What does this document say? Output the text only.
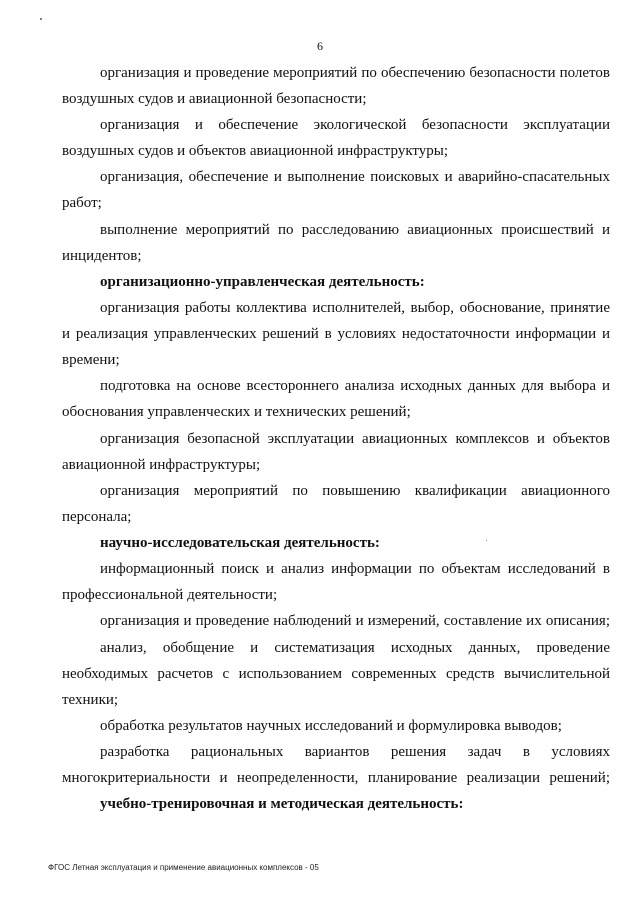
6
организация и проведение мероприятий по обеспечению безопасности полетов
воздушных судов и авиационной безопасности;
организация и обеспечение экологической безопасности эксплуатации
воздушных судов и объектов авиационной инфраструктуры;
организация, обеспечение и выполнение поисковых и аварийно-спасательных
работ;
выполнение мероприятий по расследованию авиационных происшествий и
инцидентов;
организационно-управленческая деятельность:
организация работы коллектива исполнителей, выбор, обоснование, принятие
и реализация управленческих решений в условиях недостаточности информации и
времени;
подготовка на основе всестороннего анализа исходных данных для выбора и
обоснования управленческих и технических решений;
организация безопасной эксплуатации авиационных комплексов и объектов
авиационной инфраструктуры;
организация мероприятий по повышению квалификации авиационного
персонала;
научно-исследовательская деятельность:
информационный поиск и анализ информации по объектам исследований в
профессиональной деятельности;
организация и проведение наблюдений и измерений, составление их описания;
анализ, обобщение и систематизация исходных данных, проведение
необходимых расчетов с использованием современных средств вычислительной
техники;
обработка результатов научных исследований и формулировка выводов;
разработка рациональных вариантов решения задач в условиях
многокритериальности и неопределенности, планирование реализации решений;
учебно-тренировочная и методическая деятельность:
ФГОС Летная эксплуатация и применение авиационных комплексов - 05
